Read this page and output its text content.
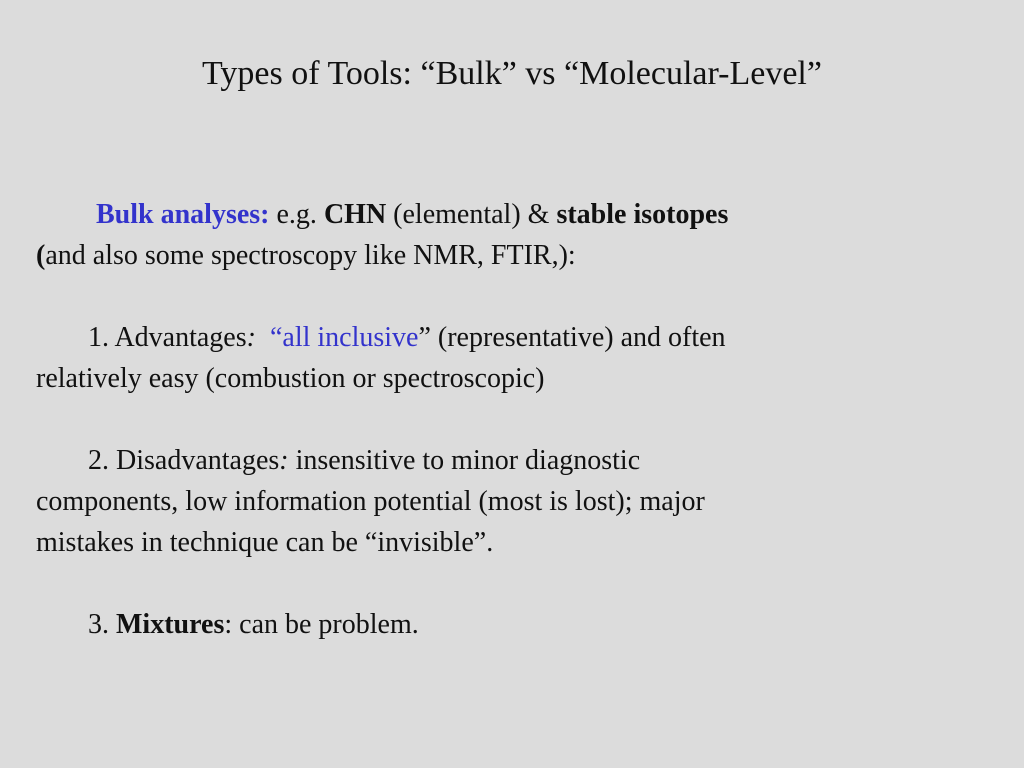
Types of Tools: “Bulk” vs “Molecular-Level”

Bulk analyses: e.g. CHN (elemental) & stable isotopes
(and also some spectroscopy like NMR, FTIR,):

1. Advantages: “all inclusive” (representative) and often
relatively easy (combustion or spectroscopic)

2. Disadvantages: insensitive to minor diagnostic
components, low information potential (most is lost); major
mistakes in technique can be “invisible”.

3. Mixtures: can be problem.
